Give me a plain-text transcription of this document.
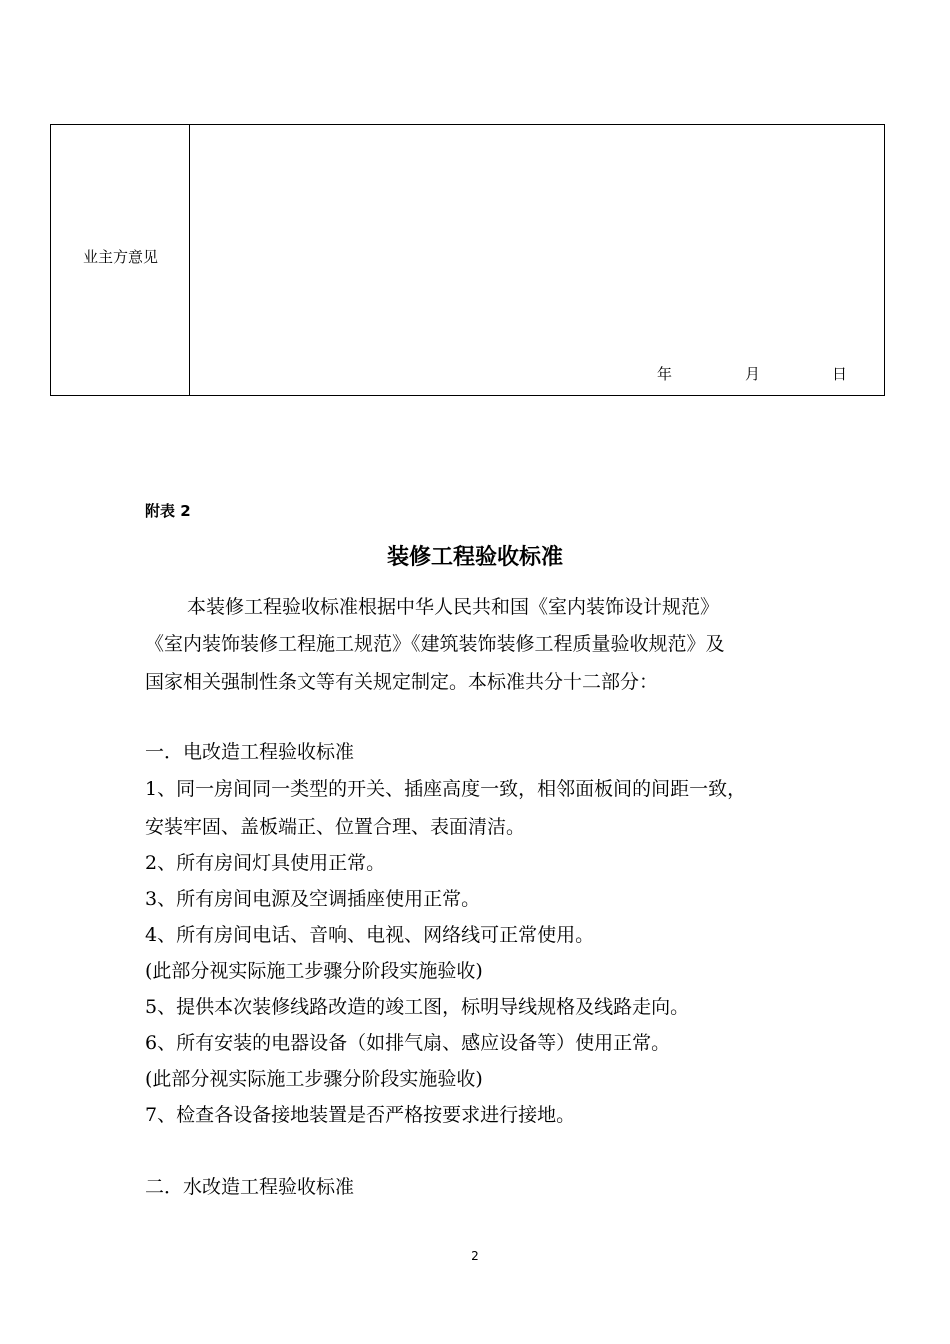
业主方意见
年	月	日
附表 2
装修工程验收标准
本装修工程验收标准根据中华人民共和国《室内装饰设计规范》
《室内装饰装修工程施工规范》《建筑装饰装修工程质量验收规范》及
国家相关强制性条文等有关规定制定。本标准共分十二部分：
一．电改造工程验收标准
1、同一房间同一类型的开关、插座高度一致，相邻面板间的间距一致，
安装牢固、盖板端正、位置合理、表面清洁。
2、所有房间灯具使用正常。
3、所有房间电源及空调插座使用正常。
4、所有房间电话、音响、电视、网络线可正常使用。
(此部分视实际施工步骤分阶段实施验收)
5、提供本次装修线路改造的竣工图，标明导线规格及线路走向。
6、所有安装的电器设备（如排气扇、感应设备等）使用正常。
(此部分视实际施工步骤分阶段实施验收)
7、检查各设备接地装置是否严格按要求进行接地。
二．水改造工程验收标准
2
